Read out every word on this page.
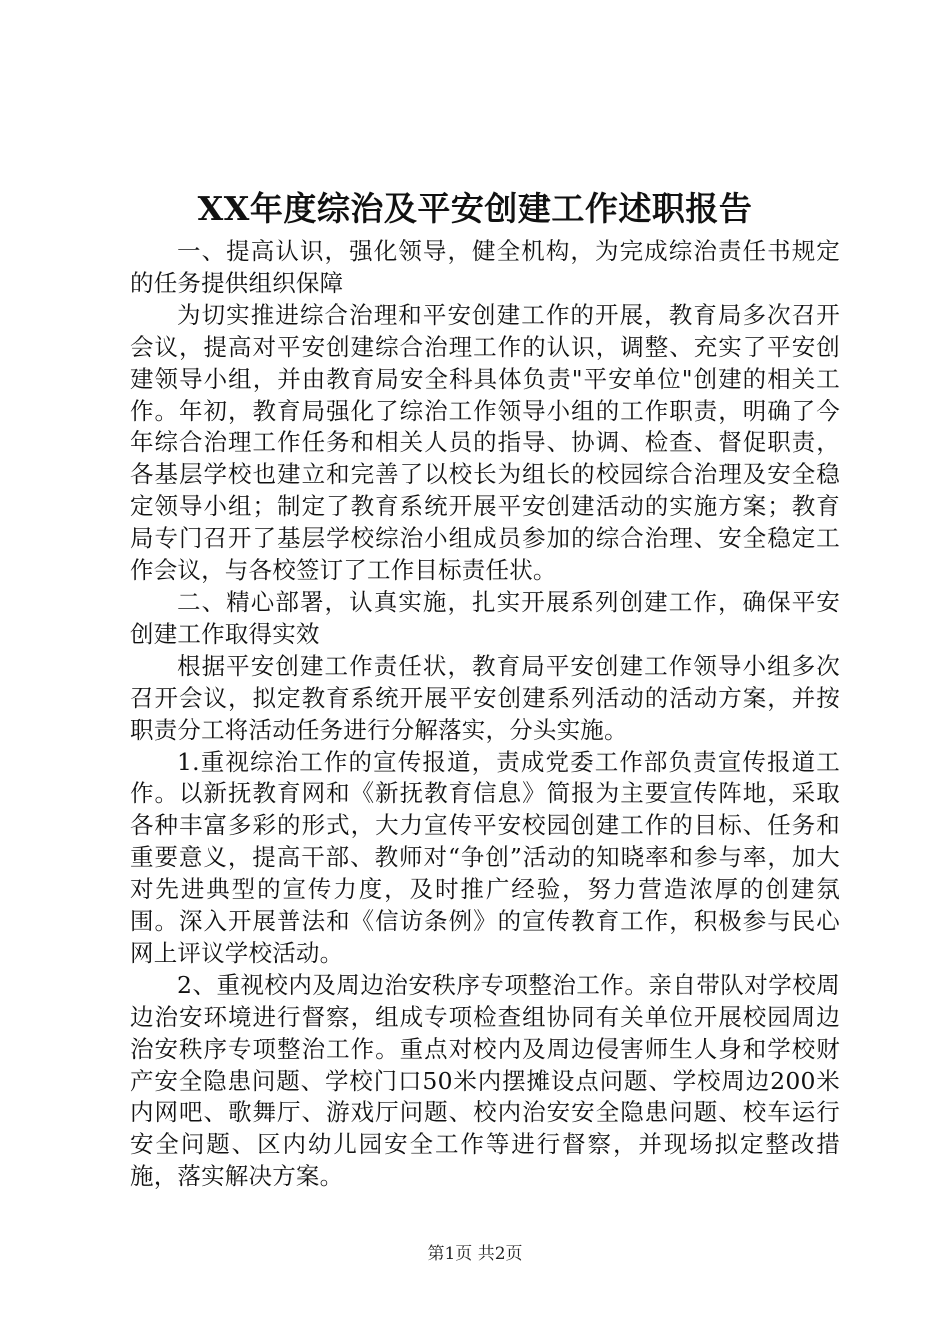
XX年度综治及平安创建工作述职报告

一、提高认识，强化领导，健全机构，为完成综治责任书规定的任务提供组织保障

为切实推进综合治理和平安创建工作的开展，教育局多次召开会议，提高对平安创建综合治理工作的认识，调整、充实了平安创建领导小组，并由教育局安全科具体负责"平安单位"创建的相关工作。年初，教育局强化了综治工作领导小组的工作职责，明确了今年综合治理工作任务和相关人员的指导、协调、检查、督促职责，各基层学校也建立和完善了以校长为组长的校园综合治理及安全稳定领导小组；制定了教育系统开展平安创建活动的实施方案；教育局专门召开了基层学校综治小组成员参加的综合治理、安全稳定工作会议，与各校签订了工作目标责任状。

二、精心部署，认真实施，扎实开展系列创建工作，确保平安创建工作取得实效

根据平安创建工作责任状，教育局平安创建工作领导小组多次召开会议，拟定教育系统开展平安创建系列活动的活动方案，并按职责分工将活动任务进行分解落实，分头实施。

1.重视综治工作的宣传报道，责成党委工作部负责宣传报道工作。以新抚教育网和《新抚教育信息》简报为主要宣传阵地，采取各种丰富多彩的形式，大力宣传平安校园创建工作的目标、任务和重要意义，提高干部、教师对“争创”活动的知晓率和参与率，加大对先进典型的宣传力度，及时推广经验，努力营造浓厚的创建氛围。深入开展普法和《信访条例》的宣传教育工作，积极参与民心网上评议学校活动。

2、重视校内及周边治安秩序专项整治工作。亲自带队对学校周边治安环境进行督察，组成专项检查组协同有关单位开展校园周边治安秩序专项整治工作。重点对校内及周边侵害师生人身和学校财产安全隐患问题、学校门口50米内摆摊设点问题、学校周边200米内网吧、歌舞厅、游戏厅问题、校内治安安全隐患问题、校车运行安全问题、区内幼儿园安全工作等进行督察，并现场拟定整改措施，落实解决方案。

第1页 共2页
